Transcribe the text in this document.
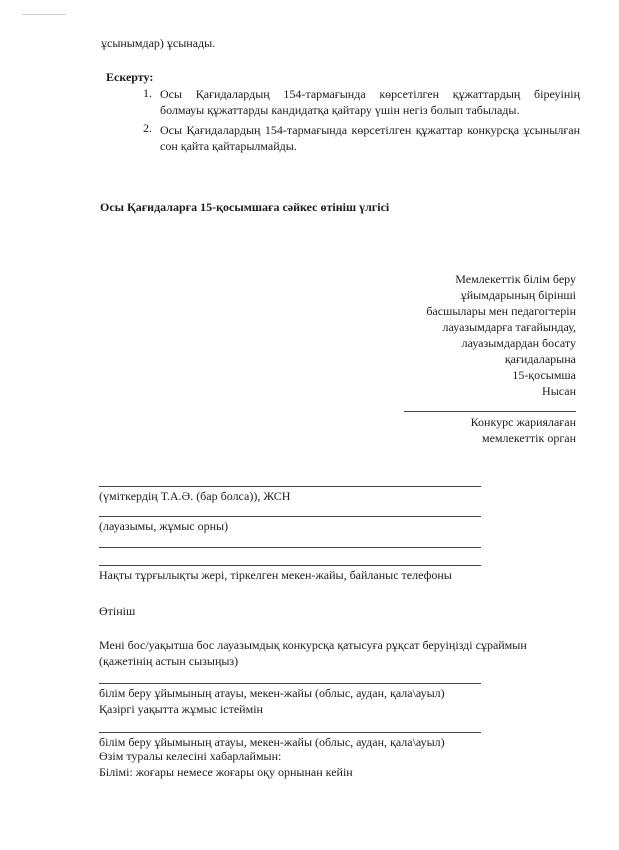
ұсынымдар) ұсынады.
Ескерту:
1. Осы Қағидалардың 154-тармағында көрсетілген құжаттардың біреуінің
болмауы құжаттарды кандидатқа қайтару үшін негіз болып табылады.
2. Осы Қағидалардың 154-тармағында көрсетілген құжаттар конкурсқа ұсынылған
сон қайта қайтарылмайды.
Осы Қағидаларға 15-қосымшаға сәйкес өтініш үлгісі
Мемлекеттік білім беру
ұйымдарының бірінші
басшылары мен педагогтерін
лауазымдарға тағайындау,
лауазымдардан босату
қағидаларына
15-қосымша
Нысан
Конкурс жариялаған
мемлекеттік орган
(үміткердің Т.А.Ә. (бар болса)), ЖСН
(лауазымы, жұмыс орны)
Нақты тұрғылықты жері, тіркелген мекен-жайы, байланыс телефоны
Өтініш
Мені бос/уақытша бос лауазымдық конкурсқа қатысуға рұқсат беруіңізді сұраймын
(қажетінің астын сызыңыз)
білім беру ұйымының атауы, мекен-жайы (облыс, аудан, қала\ауыл)
Қазіргі уақытта жұмыс істеймін
білім беру ұйымының атауы, мекен-жайы (облыс, аудан, қала\ауыл)
Өзім туралы келесіні хабарлаймын:
Білімі: жоғары немесе жоғары оқу орнынан кейін
